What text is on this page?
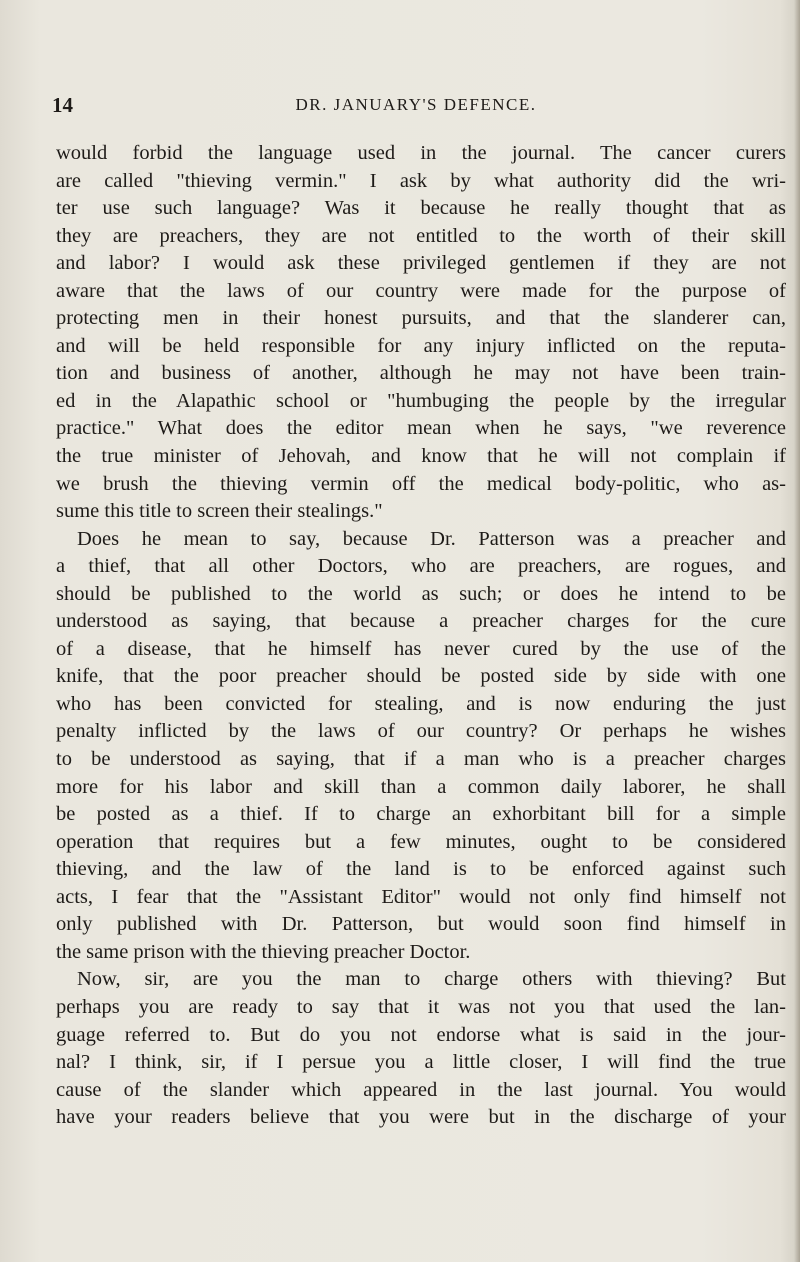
14	DR. JANUARY'S DEFENCE.
would forbid the language used in the journal. The cancer curers
are called "thieving vermin." I ask by what authority did the wri-
ter use such language? Was it because he really thought that as
they are preachers, they are not entitled to the worth of their skill
and labor? I would ask these privileged gentlemen if they are not
aware that the laws of our country were made for the purpose of
protecting men in their honest pursuits, and that the slanderer can,
and will be held responsible for any injury inflicted on the reputa-
tion and business of another, although he may not have been train-
ed in the Alapathic school or "humbuging the people by the irregular
practice." What does the editor mean when he says, "we reverence
the true minister of Jehovah, and know that he will not complain if
we brush the thieving vermin off the medical body-politic, who as-
sume this title to screen their stealings."
Does he mean to say, because Dr. Patterson was a preacher and
a thief, that all other Doctors, who are preachers, are rogues, and
should be published to the world as such; or does he intend to be
understood as saying, that because a preacher charges for the cure
of a disease, that he himself has never cured by the use of the
knife, that the poor preacher should be posted side by side with one
who has been convicted for stealing, and is now enduring the just
penalty inflicted by the laws of our country? Or perhaps he wishes
to be understood as saying, that if a man who is a preacher charges
more for his labor and skill than a common daily laborer, he shall
be posted as a thief. If to charge an exhorbitant bill for a simple
operation that requires but a few minutes, ought to be considered
thieving, and the law of the land is to be enforced against such
acts, I fear that the "Assistant Editor" would not only find himself not
only published with Dr. Patterson, but would soon find himself in
the same prison with the thieving preacher Doctor.
Now, sir, are you the man to charge others with thieving? But
perhaps you are ready to say that it was not you that used the lan-
guage referred to. But do you not endorse what is said in the jour-
nal? I think, sir, if I persue you a little closer, I will find the true
cause of the slander which appeared in the last journal. You would
have your readers believe that you were but in the discharge of your
